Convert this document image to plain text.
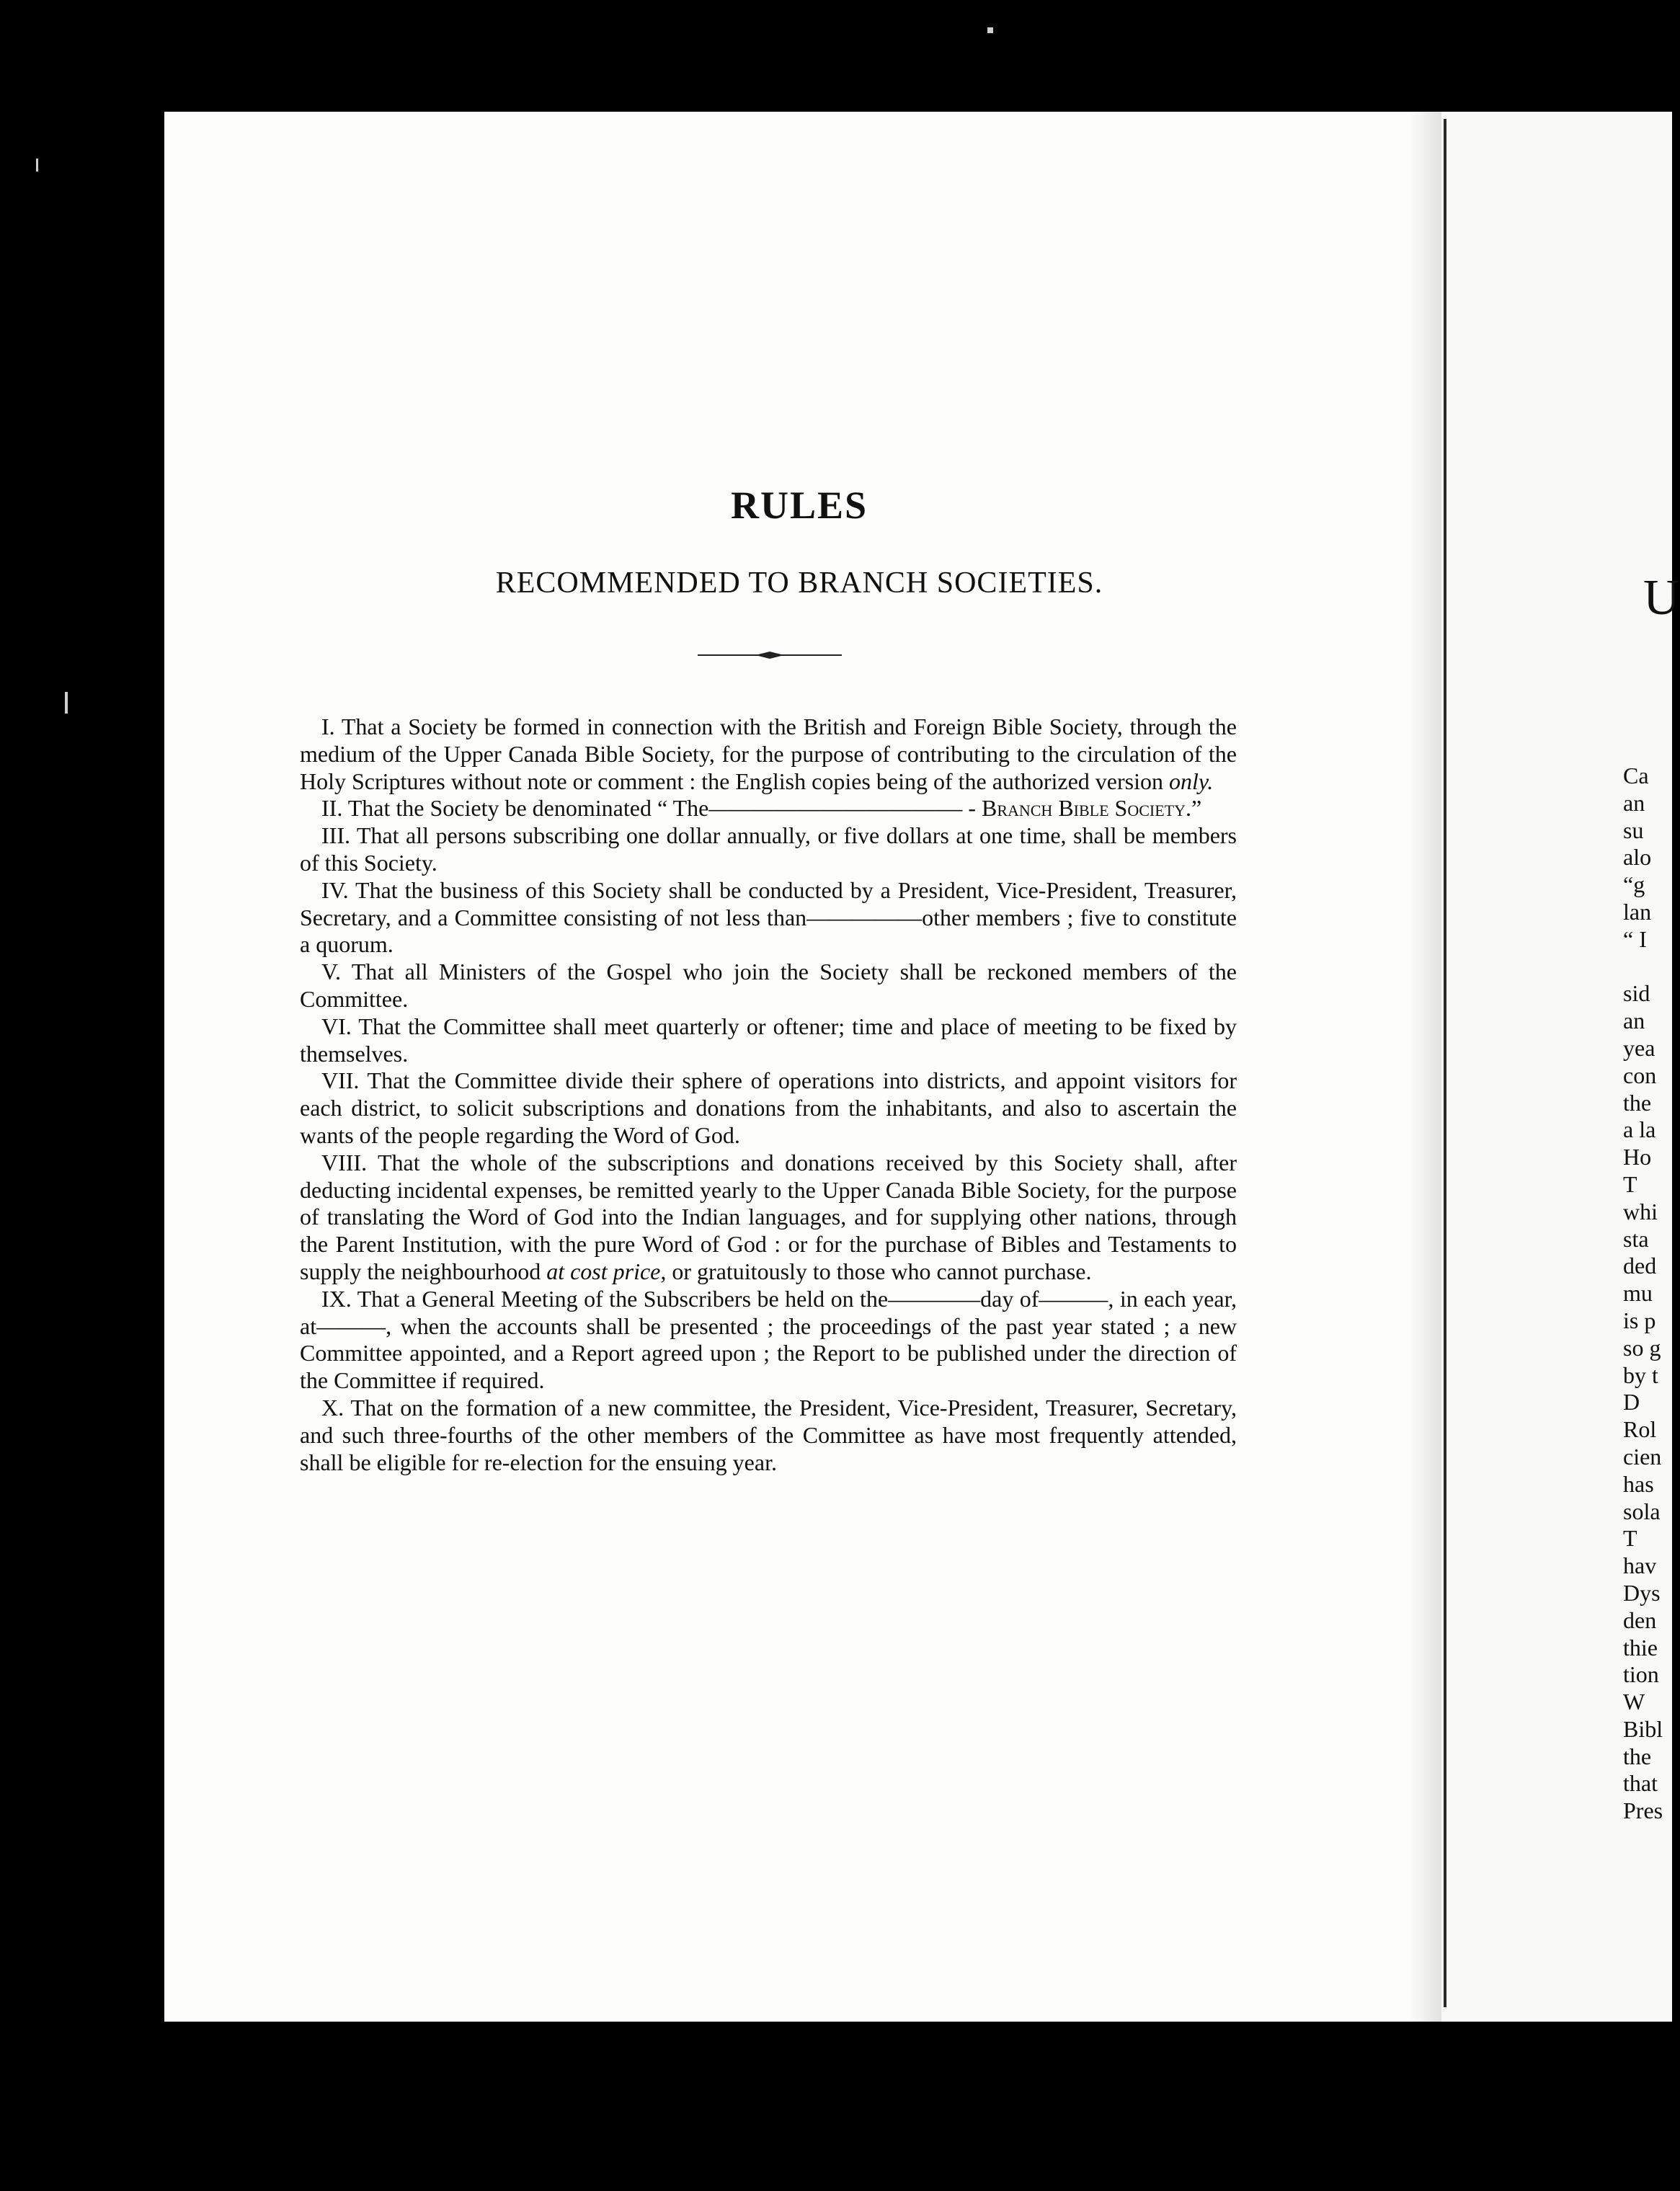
RULES
RECOMMENDED TO BRANCH SOCIETIES.

I. That a Society be formed in connection with the British and Foreign Bible Society, through the medium of the Upper Canada Bible Society, for the purpose of contributing to the circulation of the Holy Scriptures without note or comment : the English copies being of the authorized version only.

II. That the Society be denominated “ The——————————— - Branch Bible Society.”

III. That all persons subscribing one dollar annually, or five dollars at one time, shall be members of this Society.

IV. That the business of this Society shall be conducted by a President, Vice-President, Treasurer, Secretary, and a Committee consisting of not less than—————other members ; five to constitute a quorum.

V. That all Ministers of the Gospel who join the Society shall be reckoned members of the Committee.

VI. That the Committee shall meet quarterly or oftener; time and place of meeting to be fixed by themselves.

VII. That the Committee divide their sphere of operations into districts, and appoint visitors for each district, to solicit subscriptions and donations from the inhabitants, and also to ascertain the wants of the people regarding the Word of God.

VIII. That the whole of the subscriptions and donations received by this Society shall, after deducting incidental expenses, be remitted yearly to the Upper Canada Bible Society, for the purpose of translating the Word of God into the Indian languages, and for supplying other nations, through the Parent Institution, with the pure Word of God : or for the purchase of Bibles and Testaments to supply the neighbourhood at cost price, or gratuitously to those who cannot purchase.

IX. That a General Meeting of the Subscribers be held on the————day of———, in each year, at———, when the accounts shall be presented ; the proceedings of the past year stated ; a new Committee appointed, and a Report agreed upon ; the Report to be published under the direction of the Committee if required.

X. That on the formation of a new committee, the President, Vice-President, Treasurer, Secretary, and such three-fourths of the other members of the Committee as have most frequently attended, shall be eligible for re-election for the ensuing year.

U
Ca
an
su
alo
“g
lan
“ I
sid
an
yea
con
the
a la
Ho
T
whi
sta
ded
mu
is p
so g
by t
D
Rol
cien
has
sola
T
hav
Dys
den
thie
tion
W
Bibl
the
that
Pres
